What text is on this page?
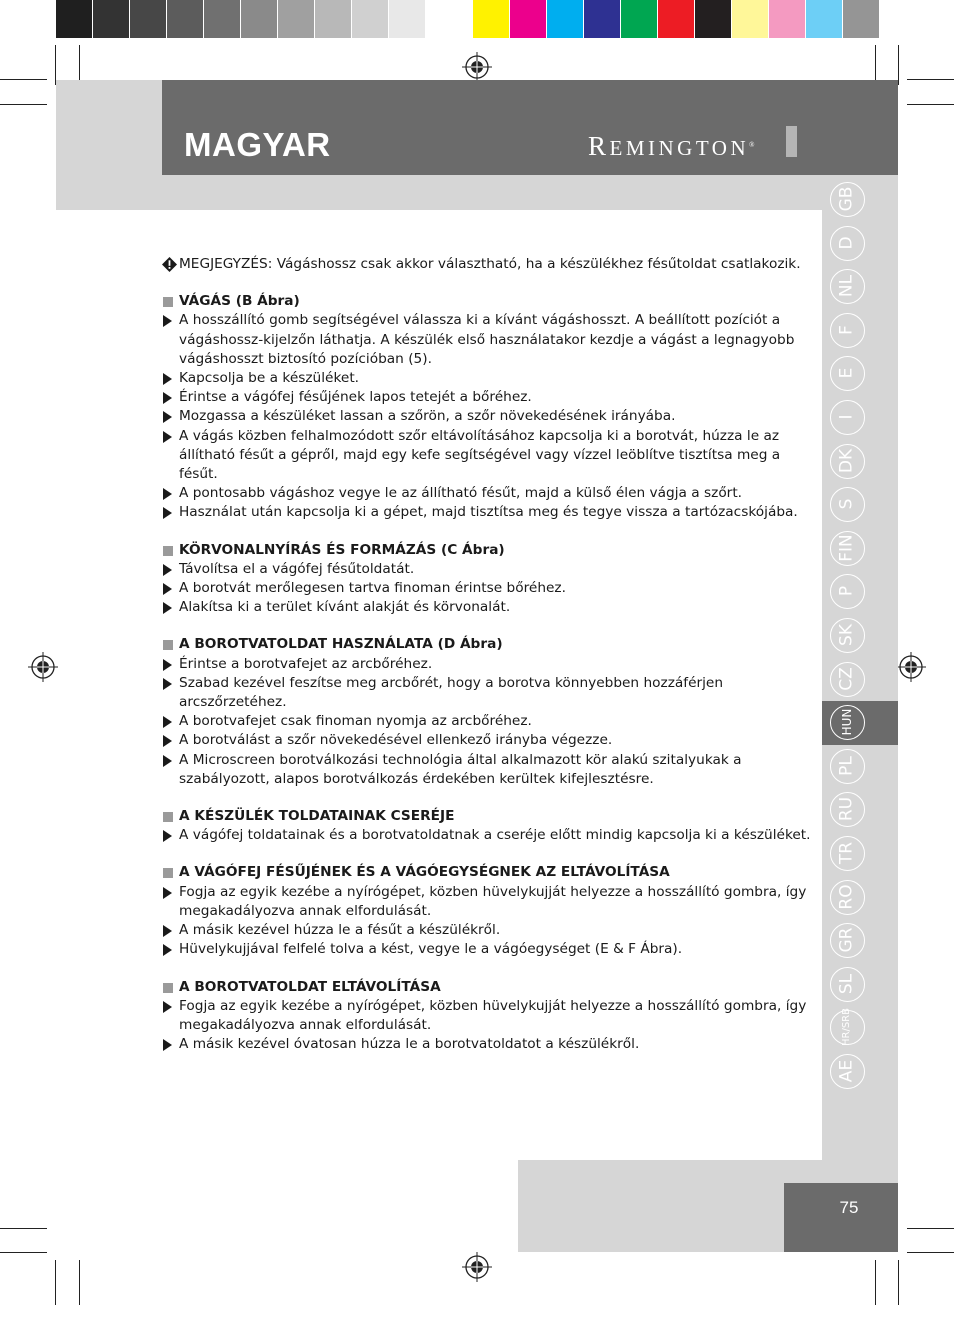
MAGYAR	REMINGTON®
GB
D
NL
F
E
I
DK
S
FIN
P
SK
CZ
HUN
PL
RU
TR
RO
GR
SL
HR/SRB
AE
75
MEGJEGYZÉS: Vágáshossz csak akkor választható, ha a készülékhez fésűtoldat csatlakozik.
VÁGÁS (B Ábra)
A hosszállító gomb segítségével válassza ki a kívánt vágáshosszt. A beállított pozíciót a vágáshossz-kijelzőn láthatja. A készülék első használatakor kezdje a vágást a legnagyobb vágáshosszt biztosító pozícióban (5).
Kapcsolja be a készüléket.
Érintse a vágófej fésűjének lapos tetejét a bőréhez.
Mozgassa a készüléket lassan a szőrön, a szőr növekedésének irányába.
A vágás közben felhalmozódott szőr eltávolításához kapcsolja ki a borotvát, húzza le az állítható fésűt a gépről, majd egy kefe segítségével vagy vízzel leöblítve tisztítsa meg a fésűt.
A pontosabb vágáshoz vegye le az állítható fésűt, majd a külső élen vágja a szőrt.
Használat után kapcsolja ki a gépet, majd tisztítsa meg és tegye vissza a tartózacskójába.
KÖRVONALNYÍRÁS ÉS FORMÁZÁS (C Ábra)
Távolítsa el a vágófej fésűtoldatát.
A borotvát merőlegesen tartva finoman érintse bőréhez.
Alakítsa ki a terület kívánt alakját és körvonalát.
A BOROTVATOLDAT HASZNÁLATA (D Ábra)
Érintse a borotvafejet az arcbőréhez.
Szabad kezével feszítse meg arcbőrét, hogy a borotva könnyebben hozzáférjen arcszőrzetéhez.
A borotvafejet csak finoman nyomja az arcbőréhez.
A borotválást a szőr növekedésével ellenkező irányba végezze.
A Microscreen borotválkozási technológia által alkalmazott kör alakú szitalyukak a szabályozott, alapos borotválkozás érdekében kerültek kifejlesztésre.
A KÉSZÜLÉK TOLDATAINAK CSERÉJE
A vágófej toldatainak és a borotvatoldatnak a cseréje előtt mindig kapcsolja ki a készüléket.
A VÁGÓFEJ FÉSŰJÉNEK ÉS A VÁGÓEGYSÉGNEK AZ ELTÁVOLÍTÁSA
Fogja az egyik kezébe a nyírógépet, közben hüvelykujját helyezze a hosszállító gombra, így megakadályozva annak elfordulását.
A másik kezével húzza le a fésűt a készülékről.
Hüvelykujjával felfelé tolva a kést, vegye le a vágóegységet (E & F Ábra).
A BOROTVATOLDAT ELTÁVOLÍTÁSA
Fogja az egyik kezébe a nyírógépet, közben hüvelykujját helyezze a hosszállító gombra, így megakadályozva annak elfordulását.
A másik kezével óvatosan húzza le a borotvatoldatot a készülékről.
